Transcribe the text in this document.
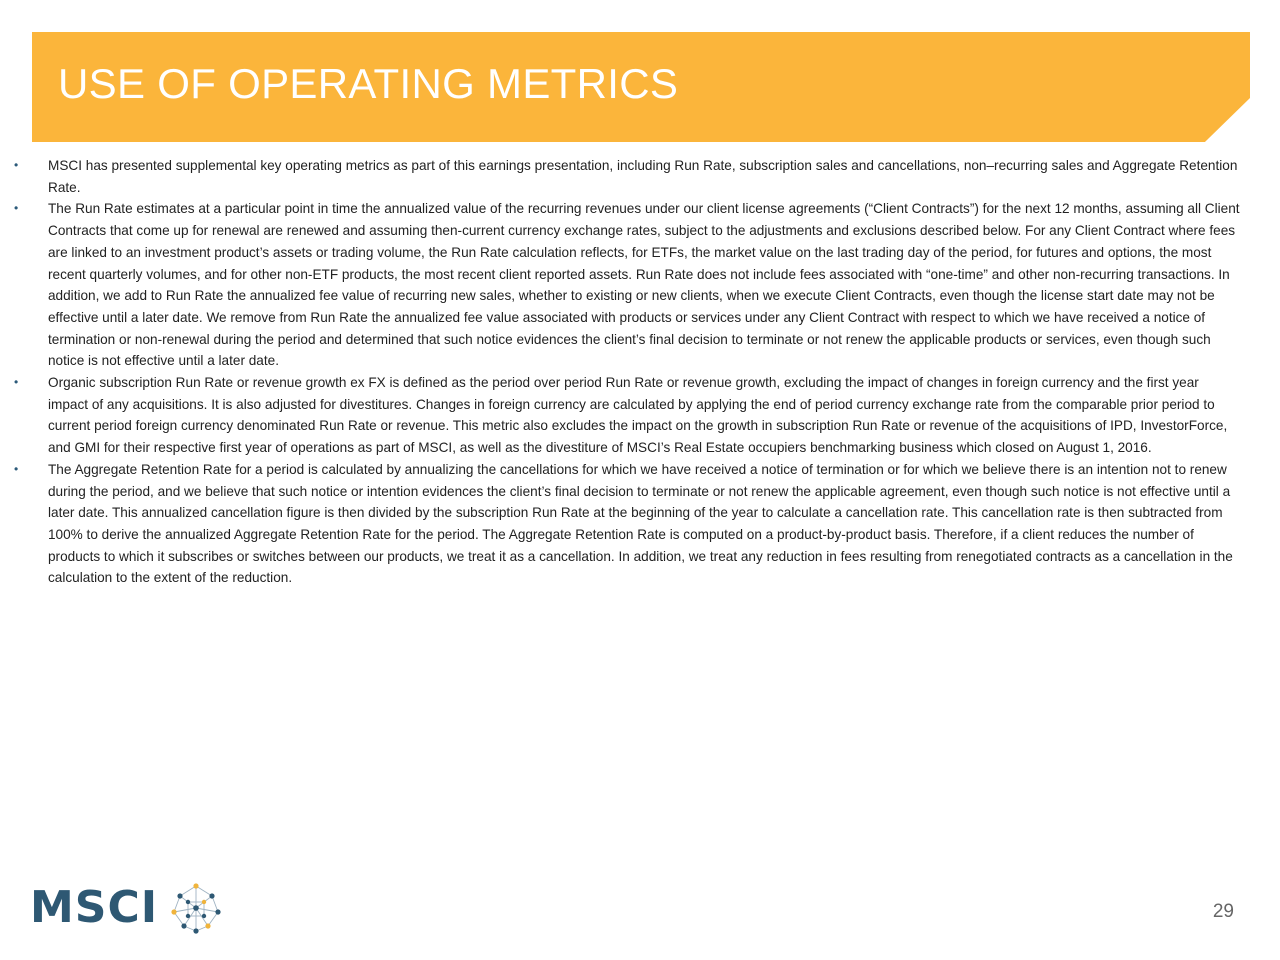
USE OF OPERATING METRICS
•	MSCI has presented supplemental key operating metrics as part of this earnings presentation, including Run Rate, subscription sales and cancellations, non–recurring sales and Aggregate Retention Rate.
•	The Run Rate estimates at a particular point in time the annualized value of the recurring revenues under our client license agreements (“Client Contracts”) for the next 12 months, assuming all Client Contracts that come up for renewal are renewed and assuming then-current currency exchange rates, subject to the adjustments and exclusions described below. For any Client Contract where fees are linked to an investment product’s assets or trading volume, the Run Rate calculation reflects, for ETFs, the market value on the last trading day of the period, for futures and options, the most recent quarterly volumes, and for other non-ETF products, the most recent client reported assets. Run Rate does not include fees associated with “one-time” and other non-recurring transactions. In addition, we add to Run Rate the annualized fee value of recurring new sales, whether to existing or new clients, when we execute Client Contracts, even though the license start date may not be effective until a later date. We remove from Run Rate the annualized fee value associated with products or services under any Client Contract with respect to which we have received a notice of termination or non-renewal during the period and determined that such notice evidences the client’s final decision to terminate or not renew the applicable products or services, even though such notice is not effective until a later date.
•	Organic subscription Run Rate or revenue growth ex FX is defined as the period over period Run Rate or revenue growth, excluding the impact of changes in foreign currency and the first year impact of any acquisitions. It is also adjusted for divestitures. Changes in foreign currency are calculated by applying the end of period currency exchange rate from the comparable prior period to current period foreign currency denominated Run Rate or revenue. This metric also excludes the impact on the growth in subscription Run Rate or revenue of the acquisitions of IPD, InvestorForce, and GMI for their respective first year of operations as part of MSCI, as well as the divestiture of MSCI’s Real Estate occupiers benchmarking business which closed on August 1, 2016.
•	The Aggregate Retention Rate for a period is calculated by annualizing the cancellations for which we have received a notice of termination or for which we believe there is an intention not to renew during the period, and we believe that such notice or intention evidences the client’s final decision to terminate or not renew the applicable agreement, even though such notice is not effective until a later date. This annualized cancellation figure is then divided by the subscription Run Rate at the beginning of the year to calculate a cancellation rate. This cancellation rate is then subtracted from 100% to derive the annualized Aggregate Retention Rate for the period. The Aggregate Retention Rate is computed on a product-by-product basis. Therefore, if a client reduces the number of products to which it subscribes or switches between our products, we treat it as a cancellation. In addition, we treat any reduction in fees resulting from renegotiated contracts as a cancellation in the calculation to the extent of the reduction.
MSCI	29
